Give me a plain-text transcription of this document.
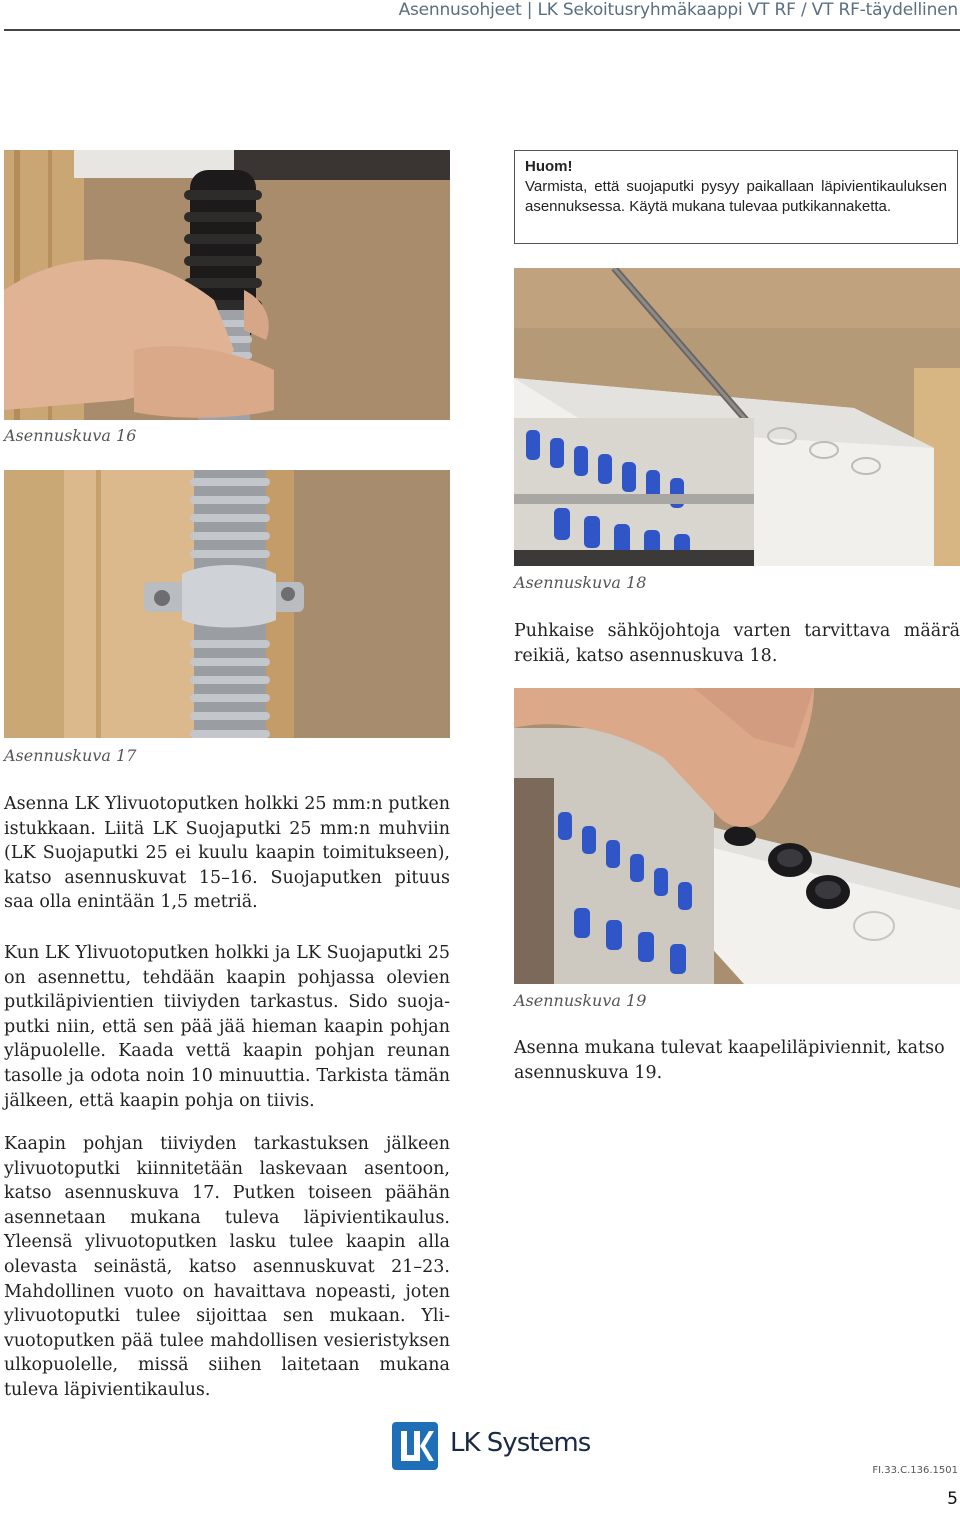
Asennusohjeet | LK Sekoitusryhmäkaappi VT RF / VT RF-täydellinen
Asennuskuva 16
Asennuskuva 17

Asenna LK Ylivuotoputken holkki 25 mm:n putken istukkaan. Liitä LK Suojaputki 25 mm:n muhviin (LK Suojaputki 25 ei kuulu kaapin toimitukseen), katso asennuskuvat 15–16. Suojaputken pituus saa olla enintään 1,5 metriä.

Kun LK Ylivuotoputken holkki ja LK Suojaputki 25 on asennettu, tehdään kaapin pohjassa olevien putkiläpivientien tiiviyden tarkastus. Sido suojaputki niin, että sen pää jää hieman kaapin pohjan yläpuolelle. Kaada vettä kaapin pohjan reunan tasolle ja odota noin 10 minuuttia. Tarkista tämän jälkeen, että kaapin pohja on tiivis.

Kaapin pohjan tiiviyden tarkastuksen jälkeen ylivuotoputki kiinnitetään laskevaan asentoon, katso asennuskuva 17. Putken toiseen päähän asennetaan mukana tuleva läpivientikaulus. Yleensä ylivuotoputken lasku tulee kaapin alla olevasta seinästä, katso asennuskuvat 21–23. Mahdollinen vuoto on havaittava nopeasti, joten ylivuotoputki tulee sijoittaa sen mukaan. Ylivuotoputken pää tulee mahdollisen vesieristyksen ulkopuolelle, missä siihen laitetaan mukana tuleva läpivientikaulus.

Huom!
Varmista, että suojaputki pysyy paikallaan läpivientikauluksen asennuksessa. Käytä mukana tulevaa putkikannaketta.
Asennuskuva 18

Puhkaise sähköjohtoja varten tarvittava määrä reikiä, katso asennuskuva 18.

Asennuskuva 19

Asenna mukana tulevat kaapeliläpiviennit, katso asennuskuva 19.

LK Systems
FI.33.C.136.1501
5
